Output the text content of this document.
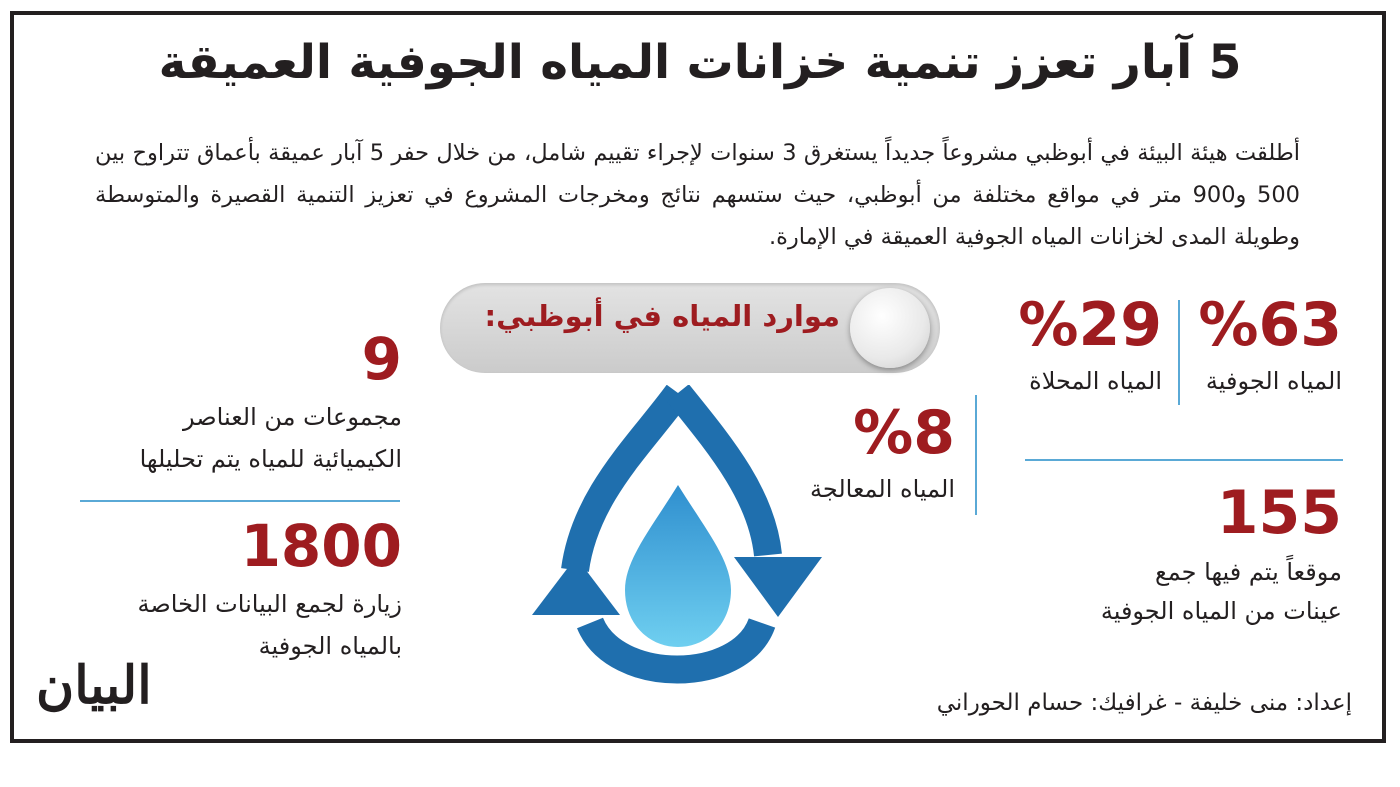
5 آبار تعزز تنمية خزانات المياه الجوفية العميقة
أطلقت هيئة البيئة في أبوظبي مشروعاً جديداً يستغرق 3 سنوات لإجراء تقييم شامل، من خلال حفر 5 آبار عميقة بأعماق تتراوح بين 500 و900 متر في مواقع مختلفة من أبوظبي، حيث ستسهم نتائج ومخرجات المشروع في تعزيز التنمية القصيرة والمتوسطة وطويلة المدى لخزانات المياه الجوفية العميقة في الإمارة.
موارد المياه في أبوظبي:	%63
المياه الجوفية
%29
المياه المحلاة
%8
المياه المعالجة	155
موقعاً يتم فيها جمع
عينات من المياه الجوفية
9
مجموعات من العناصر
الكيميائية للمياه يتم تحليلها
1800
زيارة لجمع البيانات الخاصة
بالمياه الجوفية
إعداد: منى خليفة - غرافيك: حسام الحوراني
البيان
